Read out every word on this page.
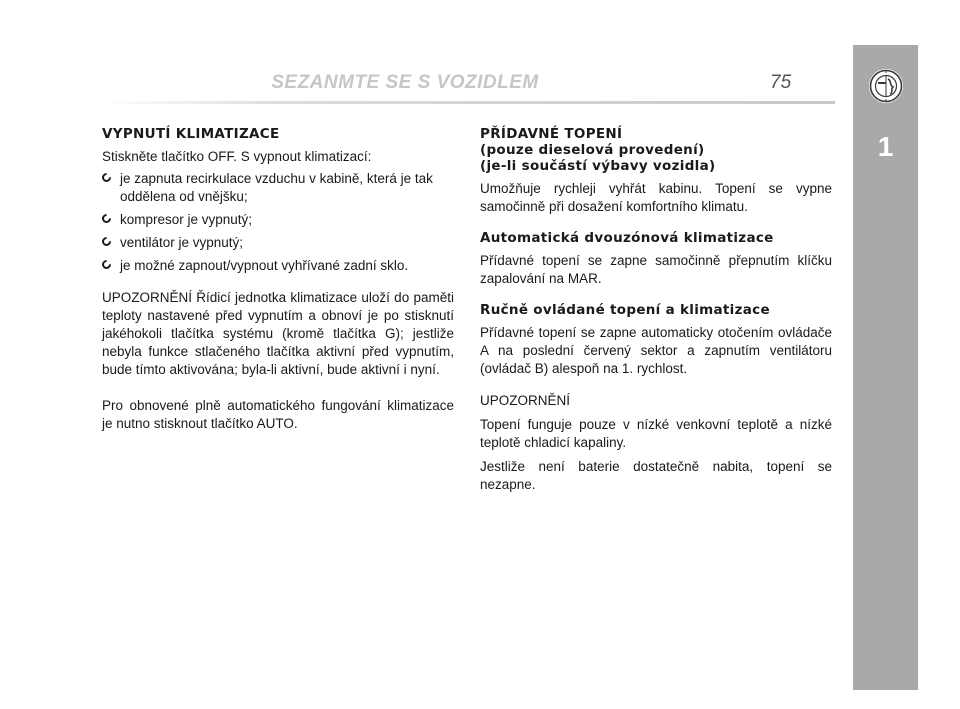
SEZANMTE SE S VOZIDLEM	75
1
VYPNUTÍ KLIMATIZACE

Stiskněte tlačítko OFF. S vypnout klimatizací:

je zapnuta recirkulace vzduchu v kabině, která je tak oddělena od vnějšku;
kompresor je vypnutý;
ventilátor je vypnutý;
je možné zapnout/vypnout vyhřívané zadní sklo.

UPOZORNĚNÍ Řídicí jednotka klimatizace uloží do paměti teploty nastavené před vypnutím a obnoví je po stisknutí jakéhokoli tlačítka systému (kromě tlačítka G); jestliže nebyla funkce stlačeného tlačítka aktivní před vypnutím, bude tímto aktivována; byla-li aktivní, bude aktivní i nyní.

Pro obnovené plně automatického fungování klimatizace je nutno stisknout tlačítko AUTO.

PŘÍDAVNÉ TOPENÍ
(pouze dieselová provedení)
(je-li součástí výbavy vozidla)

Umožňuje rychleji vyhřát kabinu. Topení se vypne samočinně při dosažení komfortního klimatu.

Automatická dvouzónová klimatizace

Přídavné topení se zapne samočinně přepnutím klíčku zapalování na MAR.

Ručně ovládané topení a klimatizace

Přídavné topení se zapne automaticky otočením ovládače A na poslední červený sektor a zapnutím ventilátoru (ovládač B) alespoň na 1. rychlost.

UPOZORNĚNÍ

Topení funguje pouze v nízké venkovní teplotě a nízké teplotě chladicí kapaliny.

Jestliže není baterie dostatečně nabita, topení se nezapne.
